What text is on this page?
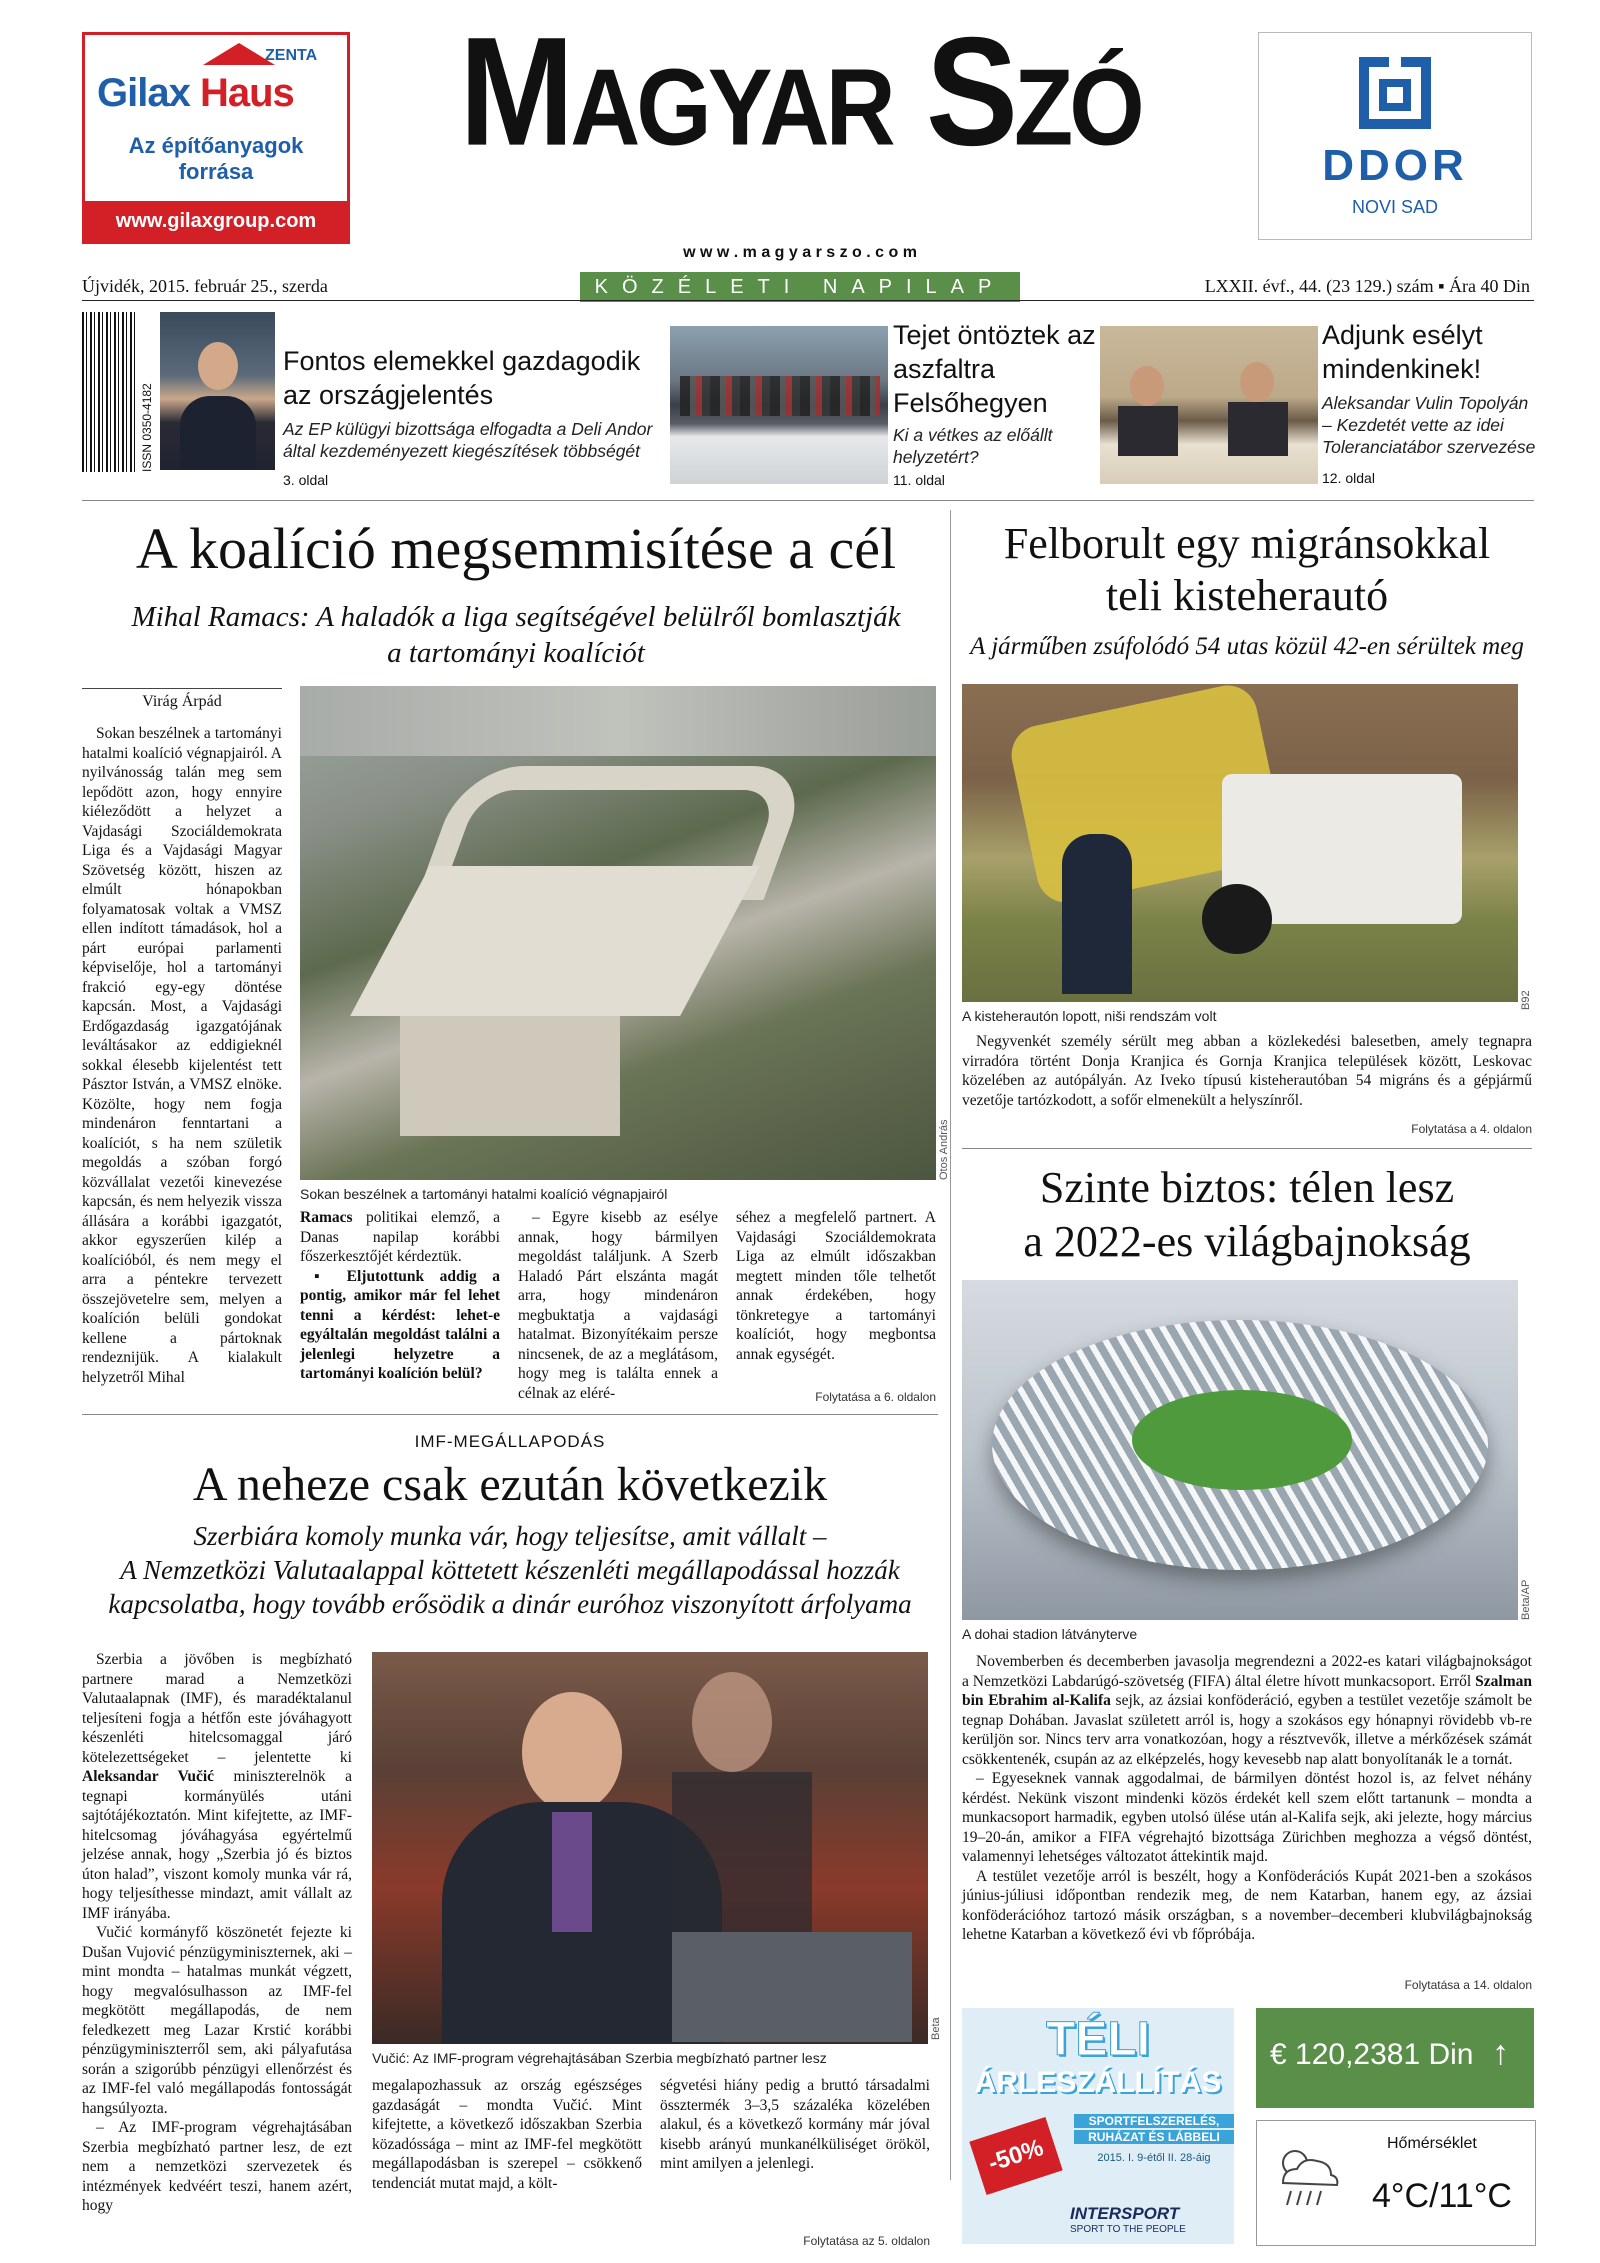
ZENTA
Gilax Haus
Az építőanyagok
forrása
www.gilaxgroup.com
Magyar Szó
w w w . m a g y a r s z o . c o m
KÖZÉLETI NAPILAP
Újvidék, 2015. február 25., szerda	LXXII. évf., 44. (23 129.) szám ▪ Ára 40 Din
DDOR
NOVI SAD
ISSN 0350-4182
Fontos elemekkel gazdagodik az országjelentés
Az EP külügyi bizottsága elfogadta a Deli Andor által kezdeményezett kiegészítések többségét
3. oldal
Tejet öntöztek az aszfaltra Felsőhegyen
Ki a vétkes az előállt helyzetért?
11. oldal
Adjunk esélyt mindenkinek!
Aleksandar Vulin Topolyán – Kezdetét vette az idei Toleranciatábor szervezése
12. oldal
A koalíció megsemmisítése a cél
Mihal Ramacs: A haladók a liga segítségével belülről bomlasztják
a tartományi koalíciót
Virág Árpád

Sokan beszélnek a tartományi hatalmi koalíció végnapjairól. A nyilvánosság talán meg sem lepődött azon, hogy ennyire kiéleződött a helyzet a Vajdasági Szociáldemokrata Liga és a Vajdasági Magyar Szövetség között, hiszen az elmúlt hónapokban folyamatosak voltak a VMSZ ellen indított támadások, hol a párt európai parlamenti képviselője, hol a tartományi frakció egy-egy döntése kapcsán. Most, a Vajdasági Erdőgazdaság igazgatójának leváltásakor az eddigieknél sokkal élesebb kijelentést tett Pásztor István, a VMSZ elnöke. Közölte, hogy nem fogja mindenáron fenntartani a koalíciót, s ha nem születik megoldás a szóban forgó közvállalat vezetői kinevezése kapcsán, és nem helyezik vissza állására a korábbi igazgatót, akkor egyszerűen kilép a koalícióból, és nem megy el arra a péntekre tervezett összejövetelre sem, melyen a koalíción belüli gondokat kellene a pártoknak rendeznijük. A kialakult helyzetről Mihal

Otos András
Sokan beszélnek a tartományi hatalmi koalíció végnapjairól

Ramacs politikai elemző, a Danas napilap korábbi főszerkesztőjét kérdeztük.

▪ Eljutottunk addig a pontig, amikor már fel lehet tenni a kérdést: lehet-e egyáltalán megoldást találni a jelenlegi helyzetre a tartományi koalíción belül?

– Egyre kisebb az esélye annak, hogy bármilyen megoldást találjunk. A Szerb Haladó Párt elszánta magát arra, hogy mindenáron megbuktatja a vajdasági hatalmat. Bizonyítékaim persze nincsenek, de az a meglátásom, hogy meg is találta ennek a célnak az eléré-

séhez a megfelelő partnert. A Vajdasági Szociáldemokrata Liga az elmúlt időszakban megtett minden tőle telhetőt annak érdekében, hogy tönkretegye a tartományi koalíciót, hogy megbontsa annak egységét.

Folytatása a 6. oldalon
Felborult egy migránsokkal
teli kisteherautó
A járműben zsúfolódó 54 utas közül 42-en sérültek meg
B92
A kisteherautón lopott, niši rendszám volt

Negyvenkét személy sérült meg abban a közlekedési balesetben, amely tegnapra virradóra történt Donja Kranjica és Gornja Kranjica települések között, Leskovac közelében az autópályán. Az Iveko típusú kisteherautóban 54 migráns és a gépjármű vezetője tartózkodott, a sofőr elmenekült a helyszínről.

Folytatása a 4. oldalon
Szinte biztos: télen lesz
a 2022-es világbajnokság
Beta/AP
A dohai stadion látványterve

Novemberben és decemberben javasolja megrendezni a 2022-es katari világbajnokságot a Nemzetközi Labdarúgó-szövetség (FIFA) által életre hívott munkacsoport. Erről Szalman bin Ebrahim al-Kalifa sejk, az ázsiai konföderáció, egyben a testület vezetője számolt be tegnap Dohában. Javaslat született arról is, hogy a szokásos egy hónapnyi rövidebb vb-re kerüljön sor. Nincs terv arra vonatkozóan, hogy a résztvevők, illetve a mérkőzések számát csökkentenék, csupán az az elképzelés, hogy kevesebb nap alatt bonyolítanák le a tornát.

– Egyeseknek vannak aggodalmai, de bármilyen döntést hozol is, az felvet néhány kérdést. Nekünk viszont mindenki közös érdekét kell szem előtt tartanunk – mondta a munkacsoport harmadik, egyben utolsó ülése után al-Kalifa sejk, aki jelezte, hogy március 19–20-án, amikor a FIFA végrehajtó bizottsága Zürichben meghozza a végső döntést, valamennyi lehetséges változatot áttekintik majd.

A testület vezetője arról is beszélt, hogy a Konföderációs Kupát 2021-ben a szokásos június-júliusi időpontban rendezik meg, de nem Katarban, hanem egy, az ázsiai konföderációhoz tartozó másik országban, s a november–decemberi klubvilágbajnokság lehetne Katarban a következő évi vb főpróbája.

Folytatása a 14. oldalon
IMF-MEGÁLLAPODÁS
A neheze csak ezután következik
Szerbiára komoly munka vár, hogy teljesítse, amit vállalt –
A Nemzetközi Valutaalappal köttetett készenléti megállapodással hozzák
kapcsolatba, hogy tovább erősödik a dinár euróhoz viszonyított árfolyama

Szerbia a jövőben is megbízható partnere marad a Nemzetközi Valutaalapnak (IMF), és maradéktalanul teljesíteni fogja a hétfőn este jóváhagyott készenléti hitelcsomaggal járó kötelezettségeket – jelentette ki Aleksandar Vučić miniszterelnök a tegnapi kormányülés utáni sajtótájékoztatón. Mint kifejtette, az IMF-hitelcsomag jóváhagyása egyértelmű jelzése annak, hogy „Szerbia jó és biztos úton halad”, viszont komoly munka vár rá, hogy teljesíthesse mindazt, amit vállalt az IMF irányába.

Vučić kormányfő köszönetét fejezte ki Dušan Vujović pénzügyminiszternek, aki – mint mondta – hatalmas munkát végzett, hogy megvalósulhasson az IMF-fel megkötött megállapodás, de nem feledkezett meg Lazar Krstić korábbi pénzügyminiszterről sem, aki pályafutása során a szigorúbb pénzügyi ellenőrzést és az IMF-fel való megállapodás fontosságát hangsúlyozta.

– Az IMF-program végrehajtásában Szerbia megbízható partner lesz, de ezt nem a nemzetközi szervezetek és intézmények kedvéért teszi, hanem azért, hogy

Beta
Vučić: Az IMF-program végrehajtásában Szerbia megbízható partner lesz

megalapozhassuk az ország egészséges gazdaságát – mondta Vučić. Mint kifejtette, a következő időszakban Szerbia közadóssága – mint az IMF-fel megkötött megállapodásban is szerepel – csökkenő tendenciát mutat majd, a költ-

ségvetési hiány pedig a bruttó társadalmi össztermék 3–3,5 százaléka közelében alakul, és a következő kormány már jóval kisebb arányú munkanélküliséget örököl, mint amilyen a jelenlegi.

Folytatása az 5. oldalon
TÉLI
ÁRLESZÁLLÍTÁS
SPORTFELSZERELÉS,
RUHÁZAT ÉS LÁBBELI
2015. I. 9-étől II. 28-áig
-50%
INTERSPORT
SPORT TO THE PEOPLE
€ 120,2381 Din ↑
Hőmérséklet
4°C/11°C
